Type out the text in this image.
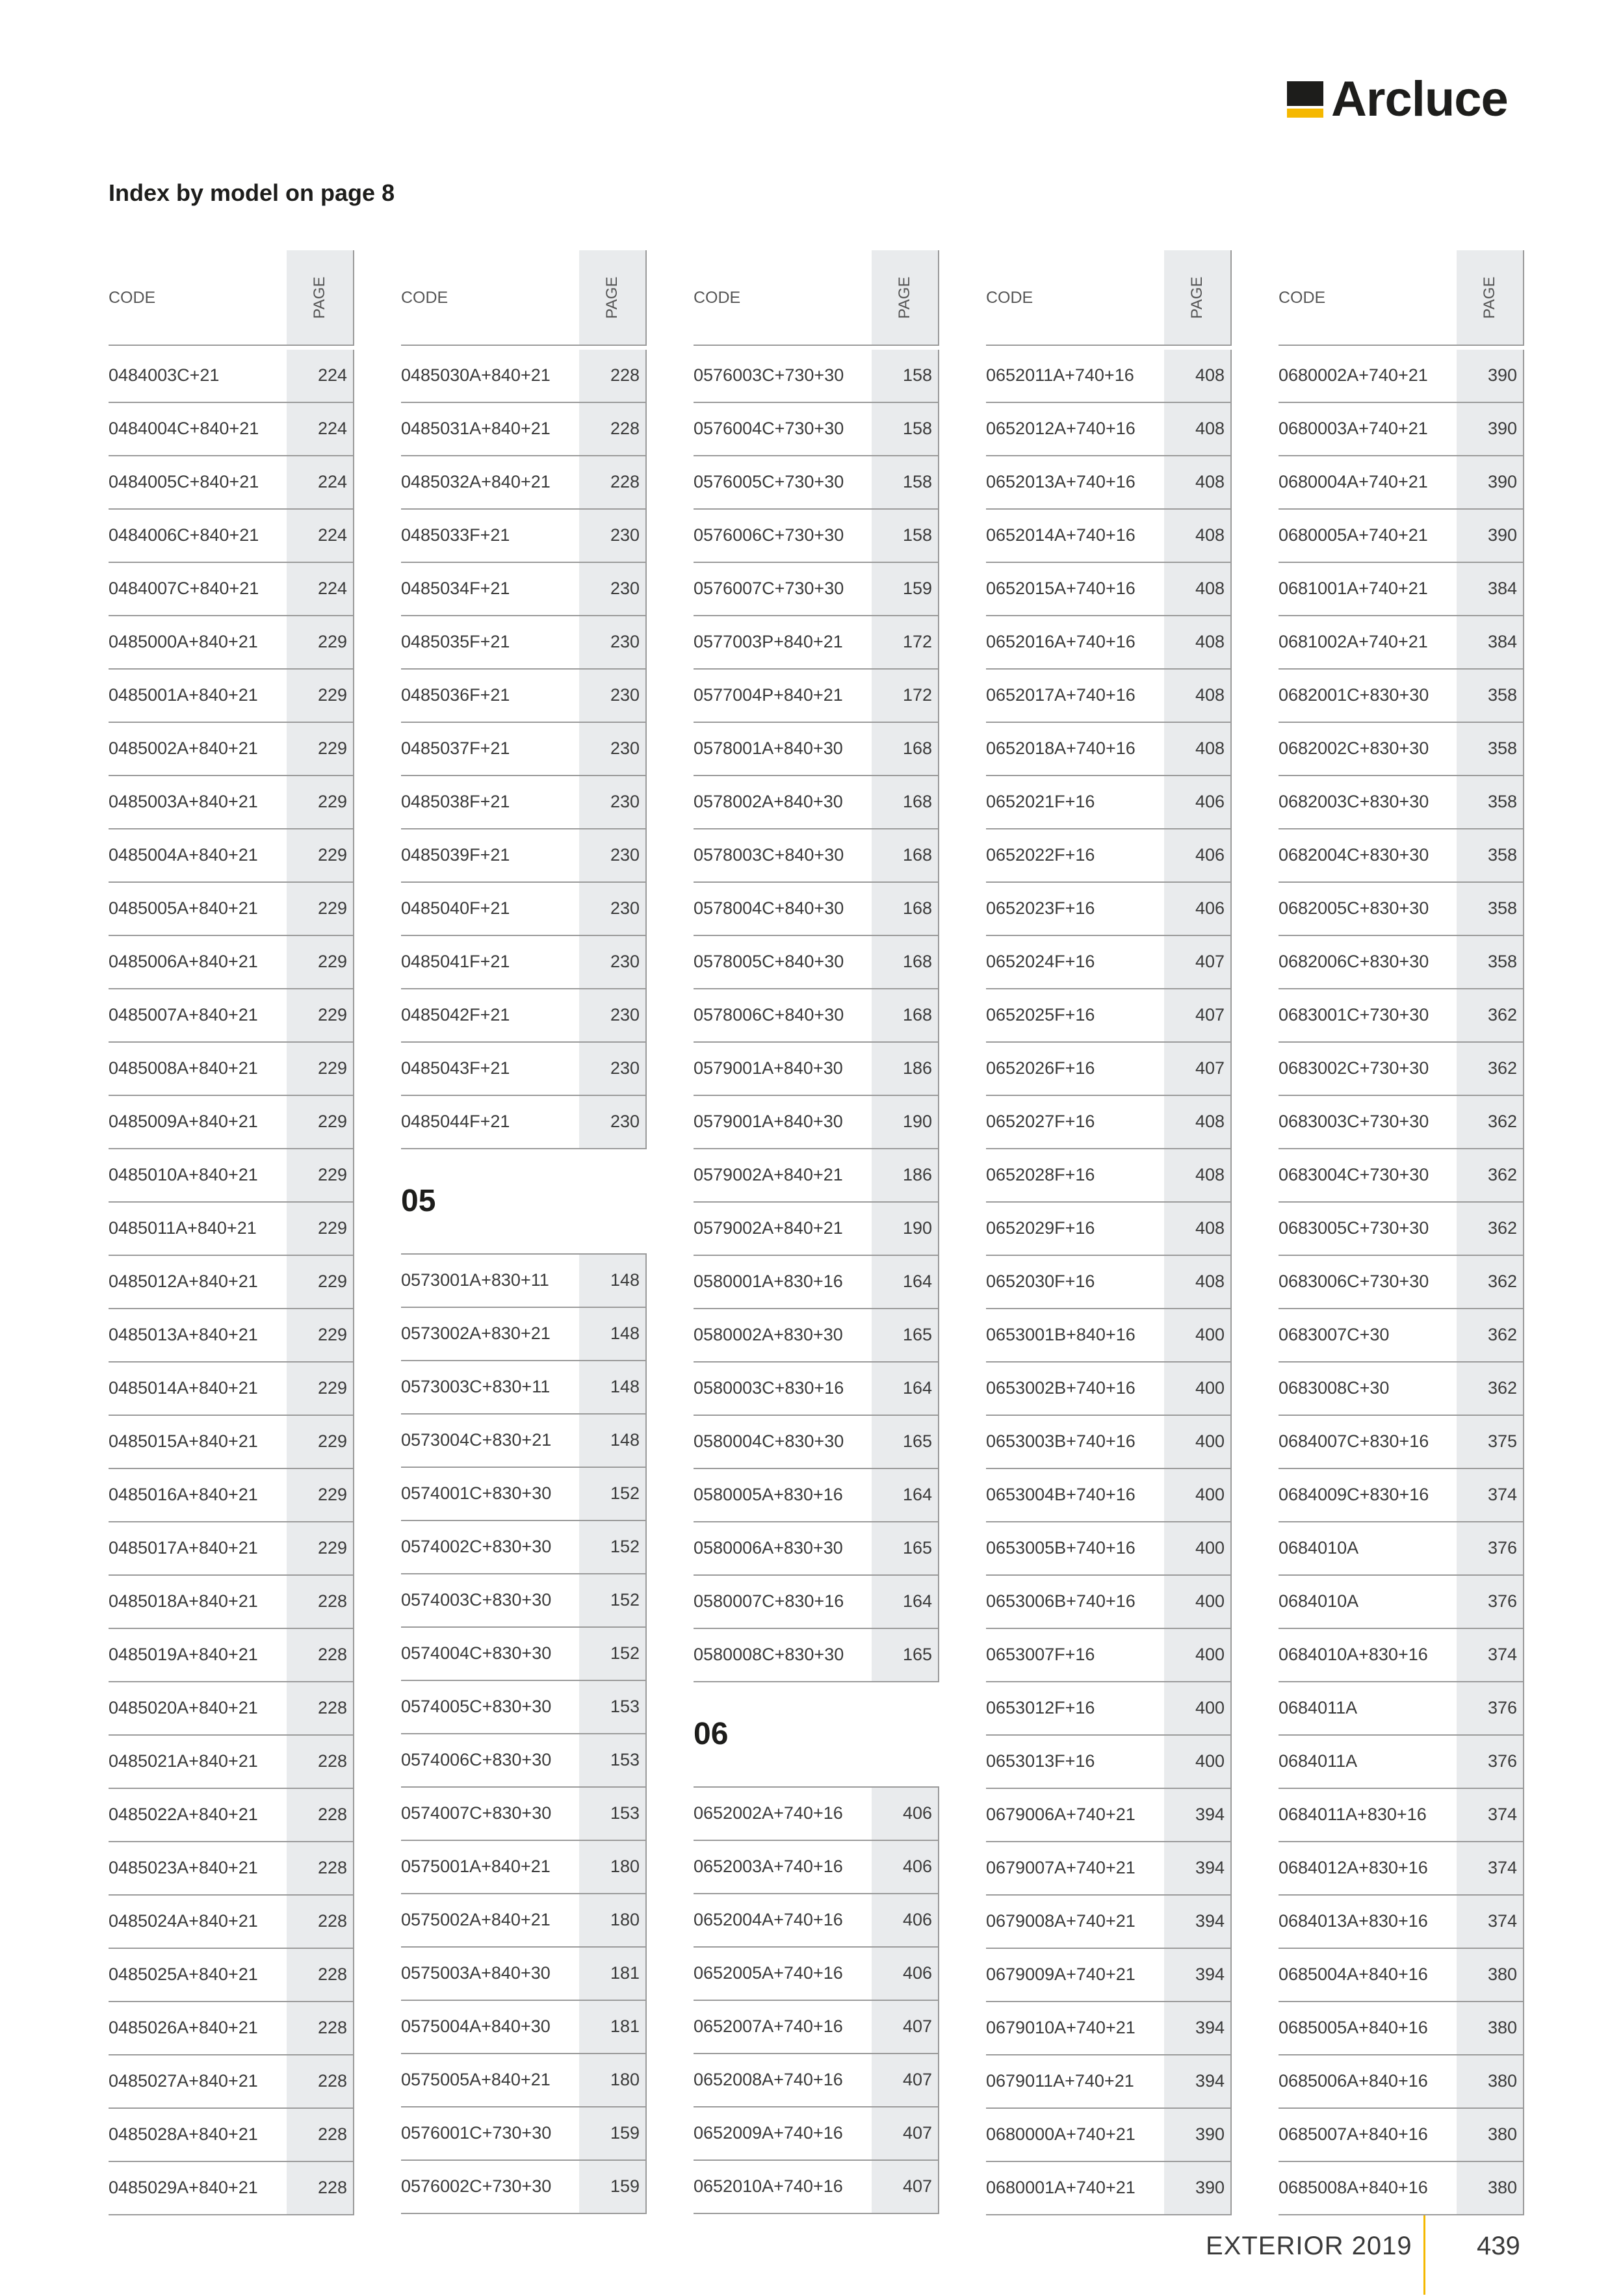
Arcluce
Index by model on page 8
CODE	PAGE
0484003C+21	224
0484004C+840+21	224
0484005C+840+21	224
0484006C+840+21	224
0484007C+840+21	224
0485000A+840+21	229
0485001A+840+21	229
0485002A+840+21	229
0485003A+840+21	229
0485004A+840+21	229
0485005A+840+21	229
0485006A+840+21	229
0485007A+840+21	229
0485008A+840+21	229
0485009A+840+21	229
0485010A+840+21	229
0485011A+840+21	229
0485012A+840+21	229
0485013A+840+21	229
0485014A+840+21	229
0485015A+840+21	229
0485016A+840+21	229
0485017A+840+21	229
0485018A+840+21	228
0485019A+840+21	228
0485020A+840+21	228
0485021A+840+21	228
0485022A+840+21	228
0485023A+840+21	228
0485024A+840+21	228
0485025A+840+21	228
0485026A+840+21	228
0485027A+840+21	228
0485028A+840+21	228
0485029A+840+21	228
CODE	PAGE
0485030A+840+21	228
0485031A+840+21	228
0485032A+840+21	228
0485033F+21	230
0485034F+21	230
0485035F+21	230
0485036F+21	230
0485037F+21	230
0485038F+21	230
0485039F+21	230
0485040F+21	230
0485041F+21	230
0485042F+21	230
0485043F+21	230
0485044F+21	230
05
0573001A+830+11	148
0573002A+830+21	148
0573003C+830+11	148
0573004C+830+21	148
0574001C+830+30	152
0574002C+830+30	152
0574003C+830+30	152
0574004C+830+30	152
0574005C+830+30	153
0574006C+830+30	153
0574007C+830+30	153
0575001A+840+21	180
0575002A+840+21	180
0575003A+840+30	181
0575004A+840+30	181
0575005A+840+21	180
0576001C+730+30	159
0576002C+730+30	159
CODE	PAGE
0576003C+730+30	158
0576004C+730+30	158
0576005C+730+30	158
0576006C+730+30	158
0576007C+730+30	159
0577003P+840+21	172
0577004P+840+21	172
0578001A+840+30	168
0578002A+840+30	168
0578003C+840+30	168
0578004C+840+30	168
0578005C+840+30	168
0578006C+840+30	168
0579001A+840+30	186
0579001A+840+30	190
0579002A+840+21	186
0579002A+840+21	190
0580001A+830+16	164
0580002A+830+30	165
0580003C+830+16	164
0580004C+830+30	165
0580005A+830+16	164
0580006A+830+30	165
0580007C+830+16	164
0580008C+830+30	165
06
0652002A+740+16	406
0652003A+740+16	406
0652004A+740+16	406
0652005A+740+16	406
0652007A+740+16	407
0652008A+740+16	407
0652009A+740+16	407
0652010A+740+16	407
CODE	PAGE
0652011A+740+16	408
0652012A+740+16	408
0652013A+740+16	408
0652014A+740+16	408
0652015A+740+16	408
0652016A+740+16	408
0652017A+740+16	408
0652018A+740+16	408
0652021F+16	406
0652022F+16	406
0652023F+16	406
0652024F+16	407
0652025F+16	407
0652026F+16	407
0652027F+16	408
0652028F+16	408
0652029F+16	408
0652030F+16	408
0653001B+840+16	400
0653002B+740+16	400
0653003B+740+16	400
0653004B+740+16	400
0653005B+740+16	400
0653006B+740+16	400
0653007F+16	400
0653012F+16	400
0653013F+16	400
0679006A+740+21	394
0679007A+740+21	394
0679008A+740+21	394
0679009A+740+21	394
0679010A+740+21	394
0679011A+740+21	394
0680000A+740+21	390
0680001A+740+21	390
CODE	PAGE
0680002A+740+21	390
0680003A+740+21	390
0680004A+740+21	390
0680005A+740+21	390
0681001A+740+21	384
0681002A+740+21	384
0682001C+830+30	358
0682002C+830+30	358
0682003C+830+30	358
0682004C+830+30	358
0682005C+830+30	358
0682006C+830+30	358
0683001C+730+30	362
0683002C+730+30	362
0683003C+730+30	362
0683004C+730+30	362
0683005C+730+30	362
0683006C+730+30	362
0683007C+30	362
0683008C+30	362
0684007C+830+16	375
0684009C+830+16	374
0684010A	376
0684010A	376
0684010A+830+16	374
0684011A	376
0684011A	376
0684011A+830+16	374
0684012A+830+16	374
0684013A+830+16	374
0685004A+840+16	380
0685005A+840+16	380
0685006A+840+16	380
0685007A+840+16	380
0685008A+840+16	380
EXTERIOR 2019 439
